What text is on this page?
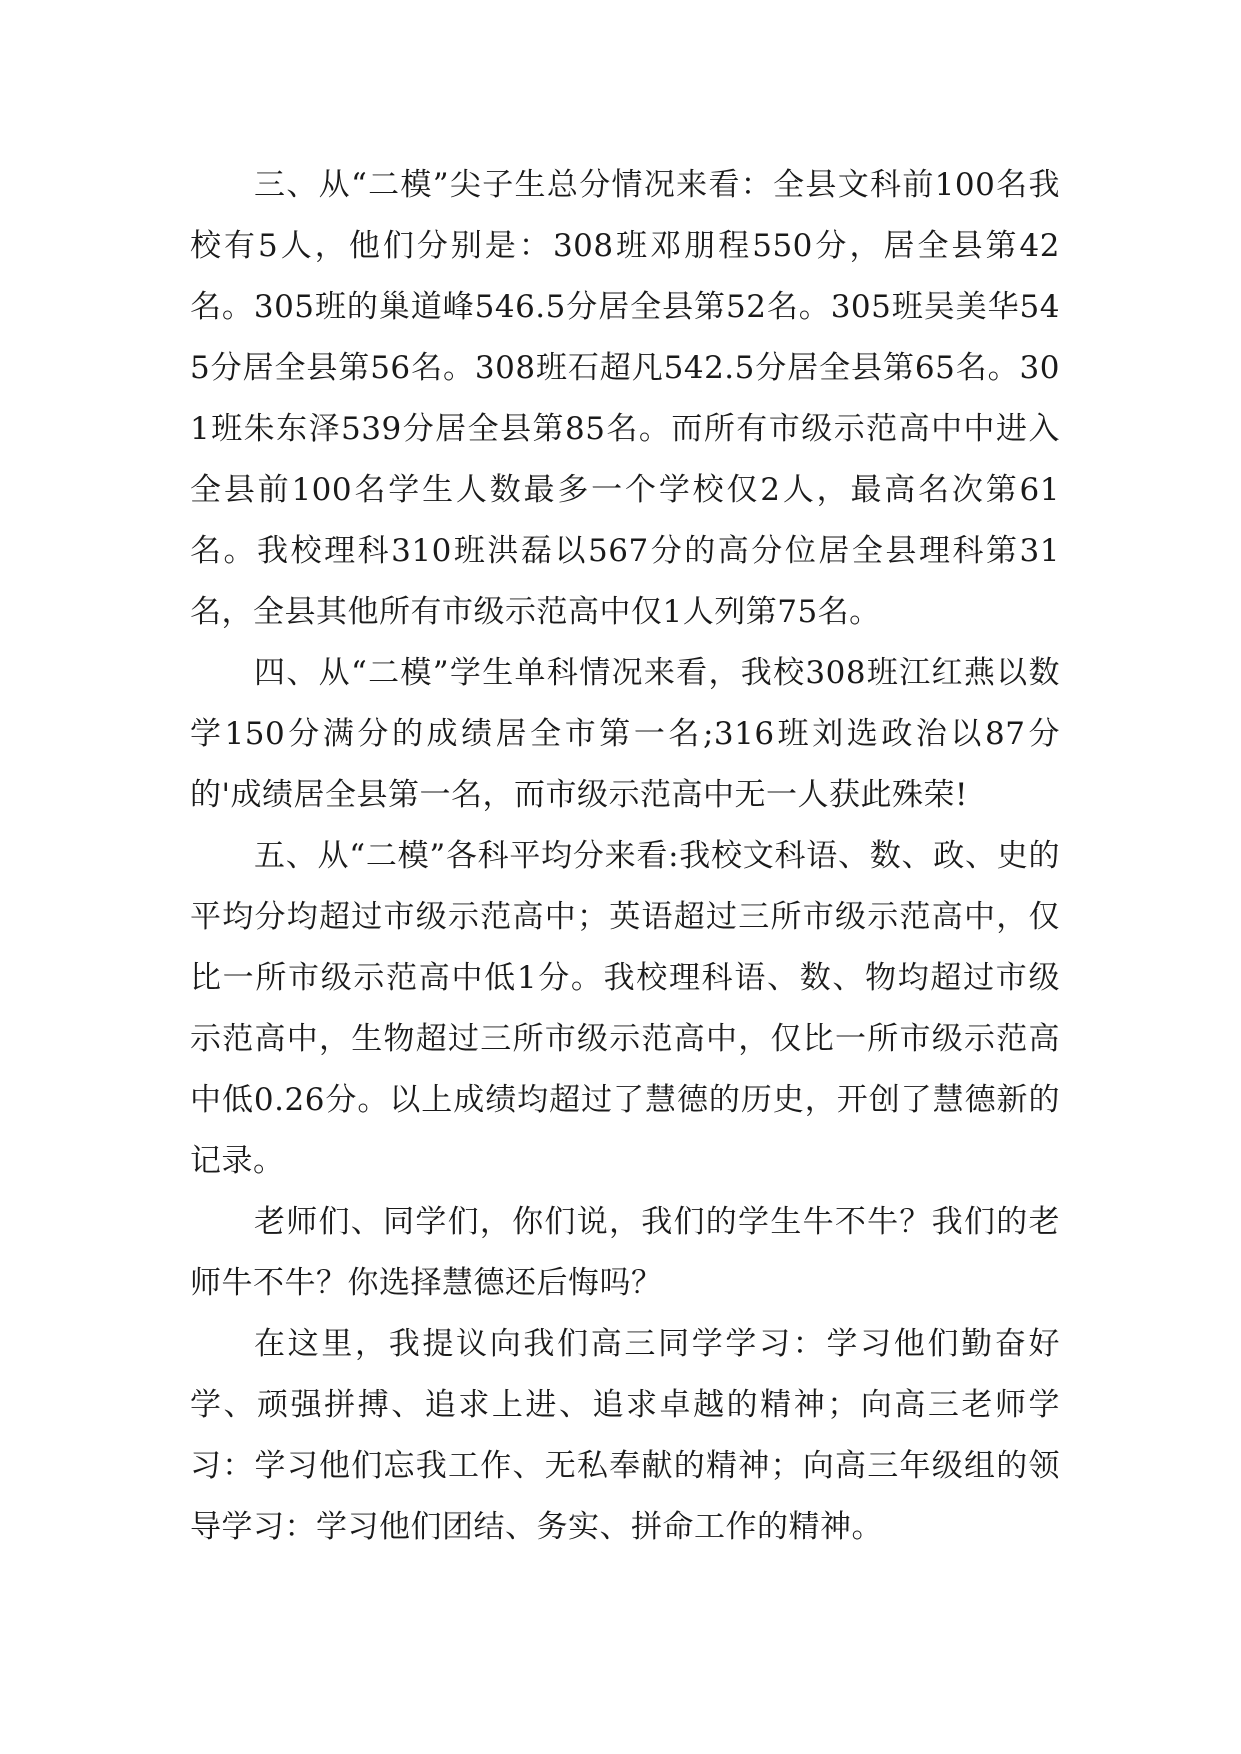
三、从“二模”尖子生总分情况来看：全县文科前100名我校有5人，他们分别是：308班邓朋程550分，居全县第42名。305班的巢道峰546.5分居全县第52名。305班吴美华545分居全县第56名。308班石超凡542.5分居全县第65名。301班朱东泽539分居全县第85名。而所有市级示范高中中进入全县前100名学生人数最多一个学校仅2人，最高名次第61名。我校理科310班洪磊以567分的高分位居全县理科第31名，全县其他所有市级示范高中仅1人列第75名。

四、从“二模”学生单科情况来看，我校308班江红燕以数学150分满分的成绩居全市第一名;316班刘选政治以87分的'成绩居全县第一名，而市级示范高中无一人获此殊荣!

五、从“二模”各科平均分来看:我校文科语、数、政、史的平均分均超过市级示范高中；英语超过三所市级示范高中，仅比一所市级示范高中低1分。我校理科语、数、物均超过市级示范高中，生物超过三所市级示范高中，仅比一所市级示范高中低0.26分。以上成绩均超过了慧德的历史，开创了慧德新的记录。

老师们、同学们，你们说，我们的学生牛不牛？我们的老师牛不牛？你选择慧德还后悔吗？

在这里，我提议向我们高三同学学习：学习他们勤奋好学、顽强拼搏、追求上进、追求卓越的精神；向高三老师学习：学习他们忘我工作、无私奉献的精神；向高三年级组的领导学习：学习他们团结、务实、拼命工作的精神。
